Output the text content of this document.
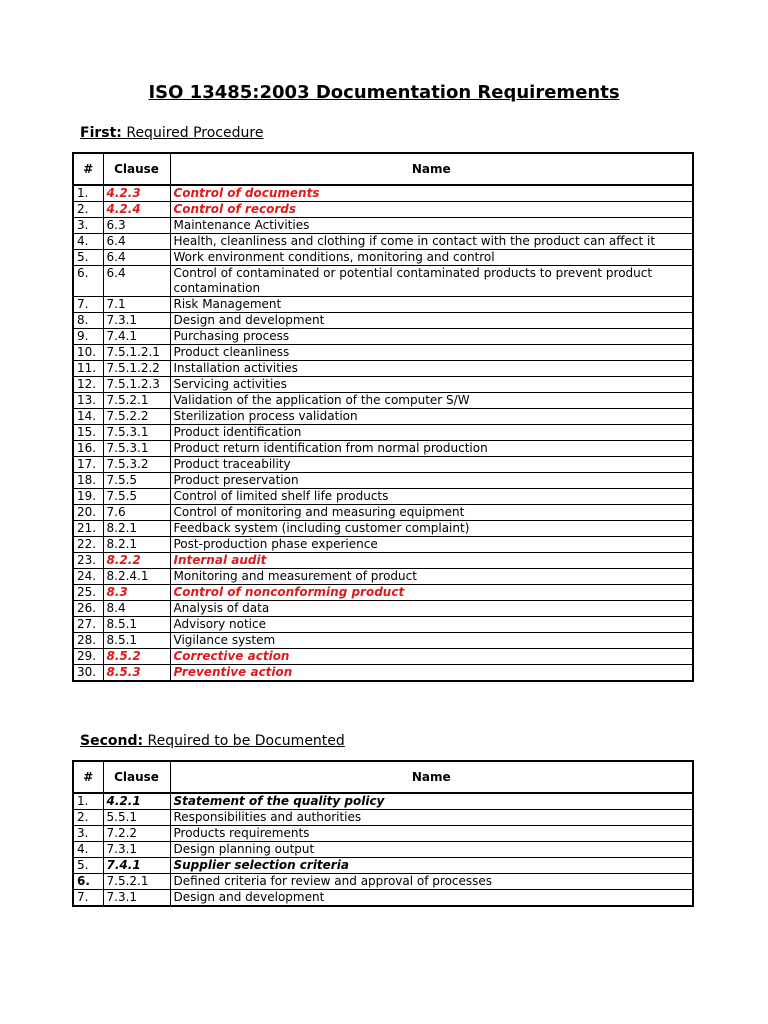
ISO 13485:2003 Documentation Requirements
First: Required Procedure
#	Clause	Name
1.	4.2.3	Control of documents
2.	4.2.4	Control of records
3.	6.3	Maintenance Activities
4.	6.4	Health, cleanliness and clothing if come in contact with the product can affect it
5.	6.4	Work environment conditions, monitoring and control
6.	6.4	Control of contaminated or potential contaminated products to prevent product contamination
7.	7.1	Risk Management
8.	7.3.1	Design and development
9.	7.4.1	Purchasing process
10.	7.5.1.2.1	Product cleanliness
11.	7.5.1.2.2	Installation activities
12.	7.5.1.2.3	Servicing activities
13.	7.5.2.1	Validation of the application of the computer S/W
14.	7.5.2.2	Sterilization process validation
15.	7.5.3.1	Product identification
16.	7.5.3.1	Product return identification from normal production
17.	7.5.3.2	Product traceability
18.	7.5.5	Product preservation
19.	7.5.5	Control of limited shelf life products
20.	7.6	Control of monitoring and measuring equipment
21.	8.2.1	Feedback system (including customer complaint)
22.	8.2.1	Post-production phase experience
23.	8.2.2	Internal audit
24.	8.2.4.1	Monitoring and measurement of product
25.	8.3	Control of nonconforming product
26.	8.4	Analysis of data
27.	8.5.1	Advisory notice
28.	8.5.1	Vigilance system
29.	8.5.2	Corrective action
30.	8.5.3	Preventive action
Second: Required to be Documented
#	Clause	Name
1.	4.2.1	Statement of the quality policy
2.	5.5.1	Responsibilities and authorities
3.	7.2.2	Products requirements
4.	7.3.1	Design planning output
5.	7.4.1	Supplier selection criteria
6.	7.5.2.1	Defined criteria for review and approval of processes
7.	7.3.1	Design and development
